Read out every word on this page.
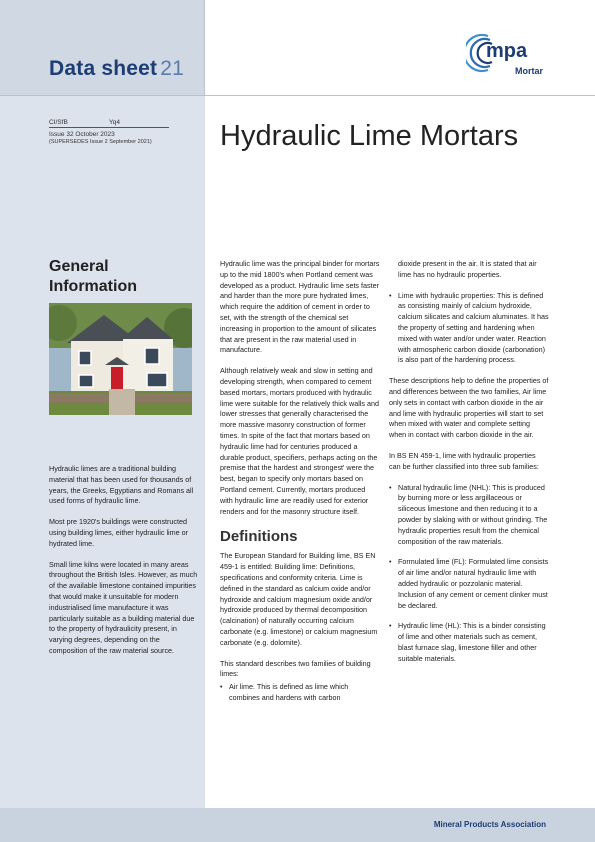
Data sheet 21
mpa
Mortar
CI/SfB	Yq4
Issue 32 October 2023
(SUPERSEDES Issue 2 September 2021)	Hydraulic Lime Mortars
General Information

Hydraulic limes are a traditional building material that has been used for thousands of years, the Greeks, Egyptians and Romans all used forms of hydraulic lime.

Most pre 1920's buildings were constructed using building limes, either hydraulic lime or hydrated lime.

Small lime kilns were located in many areas throughout the British Isles. However, as much of the available limestone contained impurities that would make it unsuitable for modern industrialised lime manufacture it was particularly suitable as a building material due to the property of hydraulicity present, in varying degrees, depending on the composition of the raw material source.

Hydraulic lime was the principal binder for mortars up to the mid 1800's when Portland cement was developed as a product. Hydraulic lime sets faster and harder than the more pure hydrated limes, which require the addition of cement in order to set, with the strength of the chemical set increasing in proportion to the amount of silicates that are present in the raw material used in manufacture.

Although relatively weak and slow in setting and developing strength, when compared to cement based mortars, mortars produced with hydraulic lime were suitable for the relatively thick walls and lower stresses that generally characterised the more massive masonry construction of former times. In spite of the fact that mortars based on hydraulic lime had for centuries produced a durable product, specifiers, perhaps acting on the premise that the hardest and strongest' were the best, began to specify only mortars based on Portland cement. Currently, mortars produced with hydraulic lime are readily used for exterior renders and for the masonry structure itself.

Definitions

The European Standard for Building lime, BS EN 459-1 is entitled: Building lime: Definitions, specifications and conformity criteria. Lime is defined in the standard as calcium oxide and/or hydroxide and calcium magnesium oxide and/or hydroxide produced by thermal decomposition (calcination) of naturally occurring calcium carbonate (e.g. limestone) or calcium magnesium carbonate (e.g. dolomite).

This standard describes two families of building limes:

• Air lime. This is defined as lime which combines and hardens with carbon

dioxide present in the air. It is stated that air lime has no hydraulic properties.

• Lime with hydraulic properties: This is defined as consisting mainly of calcium hydroxide, calcium silicates and calcium aluminates. It has the property of setting and hardening when mixed with water and/or under water. Reaction with atmospheric carbon dioxide (carbonation) is also part of the hardening process.

These descriptions help to define the properties of and differences between the two families, Air lime only sets in contact with carbon dioxide in the air and lime with hydraulic properties will start to set when mixed with water and complete setting when in contact with carbon dioxide in the air.

In BS EN 459-1, lime with hydraulic properties can be further classified into three sub families:

• Natural hydraulic lime (NHL): This is produced by burning more or less argillaceous or siliceous limestone and then reducing it to a powder by slaking with or without grinding. The hydraulic properties result from the chemical composition of the raw materials.
• Formulated lime (FL): Formulated lime consists of air lime and/or natural hydraulic lime with added hydraulic or pozzolanic material. Inclusion of any cement or cement clinker must be declared.
• Hydraulic lime (HL): This is a binder consisting of lime and other materials such as cement, blast furnace slag, limestone filler and other suitable materials.
Mineral Products Association
